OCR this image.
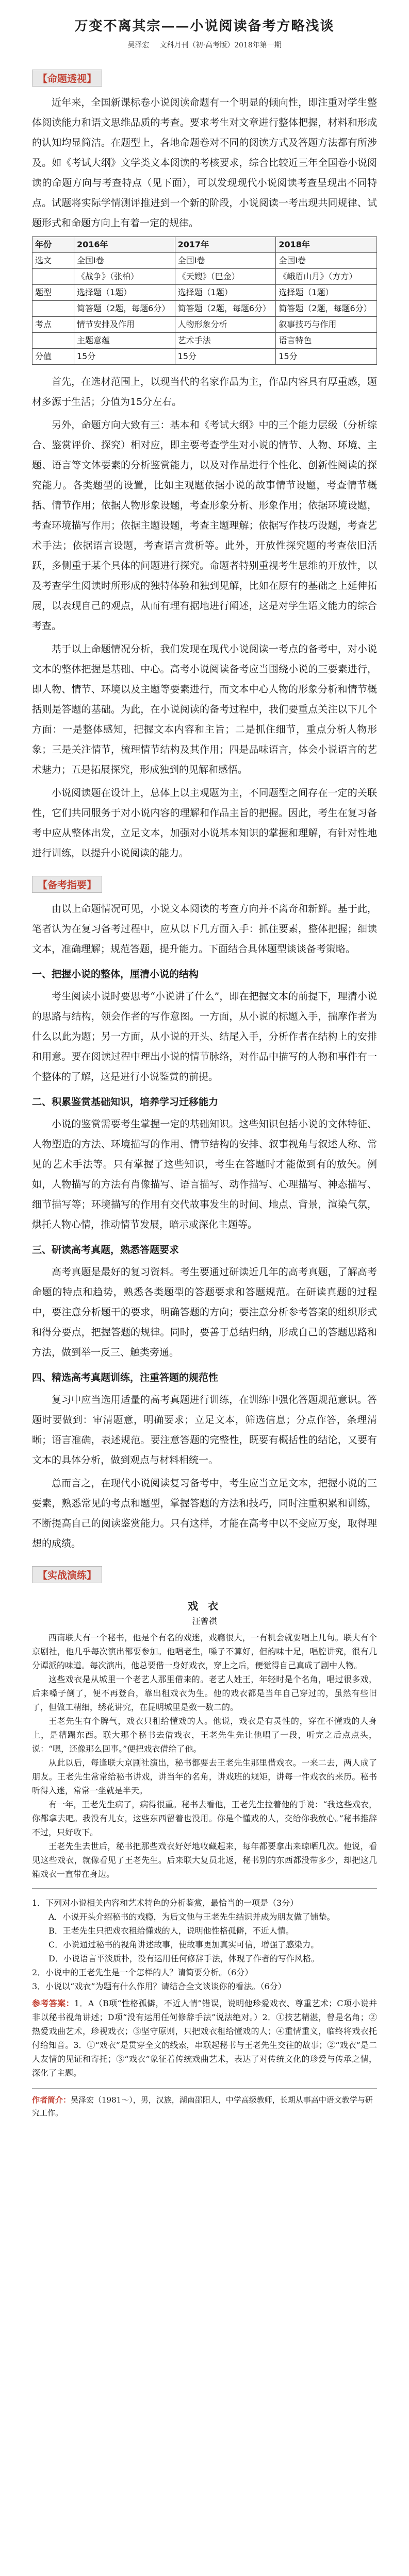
万变不离其宗——小说阅读备考方略浅谈
吴泽宏 文科月刊（初·高考版）2018年第一期
【命题透视】

近年来，全国新课标卷小说阅读命题有一个明显的倾向性，即注重对学生整体阅读能力和语文思维品质的考查。要求考生对文章进行整体把握，材料和形成的认知均显简洁。在题型上，各地命题卷对不同的阅读方式及答题方法都有所涉及。如《考试大纲》文学类文本阅读的考核要求，综合比较近三年全国卷小说阅读的命题方向与考查特点（见下面），可以发现现代小说阅读考查呈现出不同特点。试题将实际学情测评推进到一个新的阶段，小说阅读一考出现共同规律、试题形式和命题方向上有着一定的规律。

年份	2016年	2017年	2018年
选文	全国Ⅰ卷	全国Ⅰ卷	全国Ⅰ卷
	《战争》（张柏）	《天嫂》（巴金）	《峨眉山月》（方方）
题型	选择题（1题）	选择题（1题）	选择题（1题）
	简答题（2题，每题6分）	简答题（2题，每题6分）	简答题（2题，每题6分）
考点	情节安排及作用	人物形象分析	叙事技巧与作用
	主题意蕴	艺术手法	语言特色
分值	15分	15分	15分

首先，在选材范围上，以现当代的名家作品为主，作品内容具有厚重感，题材多源于生活；分值为15分左右。

另外，命题方向大致有三：基本和《考试大纲》中的三个能力层级（分析综合、鉴赏评价、探究）相对应，即主要考查学生对小说的情节、人物、环境、主题、语言等文体要素的分析鉴赏能力，以及对作品进行个性化、创新性阅读的探究能力。各类题型的设置，比如主观题依据小说的故事情节设题，考查情节概括、情节作用；依据人物形象设题，考查形象分析、形象作用；依据环境设题，考查环境描写作用；依据主题设题，考查主题理解；依据写作技巧设题，考查艺术手法；依据语言设题，考查语言赏析等。此外，开放性探究题的考查依旧活跃，多侧重于某个具体的问题进行探究。命题者特别重视考生思维的开放性，以及考查学生阅读时所形成的独特体验和独到见解，比如在原有的基础之上延伸拓展，以表现自己的观点，从而有理有据地进行阐述，这是对学生语文能力的综合考查。

基于以上命题情况分析，我们发现在现代小说阅读一考点的备考中，对小说文本的整体把握是基础、中心。高考小说阅读备考应当围绕小说的三要素进行，即人物、情节、环境以及主题等要素进行，而文本中心人物的形象分析和情节概括则是答题的基础。为此，在小说阅读的备考过程中，我们要重点关注以下几个方面：一是整体感知，把握文本内容和主旨；二是抓住细节，重点分析人物形象；三是关注情节，梳理情节结构及其作用；四是品味语言，体会小说语言的艺术魅力；五是拓展探究，形成独到的见解和感悟。

小说阅读题在设计上，总体上以主观题为主，不同题型之间存在一定的关联性，它们共同服务于对小说内容的理解和作品主旨的把握。因此，考生在复习备考中应从整体出发，立足文本，加强对小说基本知识的掌握和理解，有针对性地进行训练，以提升小说阅读的能力。

【备考指要】

由以上命题情况可见，小说文本阅读的考查方向并不离奇和新鲜。基于此，笔者认为在复习备考过程中，应从以下几方面入手：抓住要素，整体把握；细读文本，准确理解；规范答题，提升能力。下面结合具体题型谈谈备考策略。

一、把握小说的整体，厘清小说的结构

考生阅读小说时要思考“小说讲了什么”，即在把握文本的前提下，理清小说的思路与结构，领会作者的写作意图。一方面，从小说的标题入手，揣摩作者为什么以此为题；另一方面，从小说的开头、结尾入手，分析作者在结构上的安排和用意。要在阅读过程中理出小说的情节脉络，对作品中描写的人物和事件有一个整体的了解，这是进行小说鉴赏的前提。

二、积累鉴赏基础知识，培养学习迁移能力

小说的鉴赏需要考生掌握一定的基础知识。这些知识包括小说的文体特征、人物塑造的方法、环境描写的作用、情节结构的安排、叙事视角与叙述人称、常见的艺术手法等。只有掌握了这些知识，考生在答题时才能做到有的放矢。例如，人物描写的方法有肖像描写、语言描写、动作描写、心理描写、神态描写、细节描写等；环境描写的作用有交代故事发生的时间、地点、背景，渲染气氛，烘托人物心情，推动情节发展，暗示或深化主题等。

三、研读高考真题，熟悉答题要求

高考真题是最好的复习资料。考生要通过研读近几年的高考真题，了解高考命题的特点和趋势，熟悉各类题型的答题要求和答题规范。在研读真题的过程中，要注意分析题干的要求，明确答题的方向；要注意分析参考答案的组织形式和得分要点，把握答题的规律。同时，要善于总结归纳，形成自己的答题思路和方法，做到举一反三、触类旁通。

四、精选高考真题训练，注重答题的规范性

复习中应当选用适量的高考真题进行训练，在训练中强化答题规范意识。答题时要做到：审清题意，明确要求；立足文本，筛选信息；分点作答，条理清晰；语言准确，表述规范。要注意答题的完整性，既要有概括性的结论，又要有文本的具体分析，做到观点与材料相统一。

总而言之，在现代小说阅读复习备考中，考生应当立足文本，把握小说的三要素，熟悉常见的考点和题型，掌握答题的方法和技巧，同时注重积累和训练，不断提高自己的阅读鉴赏能力。只有这样，才能在高考中以不变应万变，取得理想的成绩。

【实战演练】
戏 衣
汪曾祺

西南联大有一个秘书，他是个有名的戏迷，戏瘾很大，一有机会就要唱上几句。联大有个京剧社，他几乎每次演出都要参加。他唱老生，嗓子不算好，但韵味十足，唱腔讲究，很有几分谭派的味道。每次演出，他总要借一身好戏衣，穿上之后，便觉得自己真成了剧中人物。

这些戏衣是从城里一个老艺人那里借来的。老艺人姓王，年轻时是个名角，唱过很多戏，后来嗓子倒了，便不再登台，靠出租戏衣为生。他的戏衣都是当年自己穿过的，虽然有些旧了，但做工精细，绣花讲究，在昆明城里是数一数二的。

王老先生有个脾气，戏衣只租给懂戏的人。他说，戏衣是有灵性的，穿在不懂戏的人身上，是糟蹋东西。联大那个秘书去借戏衣，王老先生先让他唱了一段，听完之后点点头，说：“嗯，还像那么回事。”便把戏衣借给了他。

从此以后，每逢联大京剧社演出，秘书都要去王老先生那里借戏衣。一来二去，两人成了朋友。王老先生常常给秘书讲戏，讲当年的名角，讲戏班的规矩，讲每一件戏衣的来历。秘书听得入迷，常常一坐就是半天。

有一年，王老先生病了，病得很重。秘书去看他，王老先生拉着他的手说：“我这些戏衣，你都拿去吧。我没有儿女，这些东西留着也没用。你是个懂戏的人，交给你我放心。”秘书推辞不过，只好收下。

王老先生去世后，秘书把那些戏衣好好地收藏起来，每年都要拿出来晾晒几次。他说，看见这些戏衣，就像看见了王老先生。后来联大复员北返，秘书别的东西都没带多少，却把这几箱戏衣一直带在身边。

1．下列对小说相关内容和艺术特色的分析鉴赏，最恰当的一项是（3分）

A．小说开头介绍秘书的戏瘾，为后文他与王老先生结识并成为朋友做了铺垫。

B．王老先生只把戏衣租给懂戏的人，说明他性格孤僻，不近人情。

C．小说通过秘书的视角讲述故事，使故事更加真实可信，增强了感染力。

D．小说语言平淡质朴，没有运用任何修辞手法，体现了作者的写作风格。

2．小说中的王老先生是一个怎样的人？请简要分析。（6分）

3．小说以“戏衣”为题有什么作用？请结合全文谈谈你的看法。（6分）

参考答案：1．A（B项“性格孤僻，不近人情”错误，说明他珍爱戏衣、尊重艺术；C项小说并非以秘书视角讲述；D项“没有运用任何修辞手法”说法绝对。）2．①技艺精湛，曾是名角；②热爱戏曲艺术，珍视戏衣；③坚守原则，只把戏衣租给懂戏的人；④重情重义，临终将戏衣托付给知音。3．①“戏衣”是贯穿全文的线索，串联起秘书与王老先生交往的故事；②“戏衣”是二人友情的见证和寄托；③“戏衣”象征着传统戏曲艺术，表达了对传统文化的珍爱与传承之情，深化了主题。

作者简介：吴泽宏（1981～），男，汉族，湖南邵阳人，中学高级教师，长期从事高中语文教学与研究工作。
